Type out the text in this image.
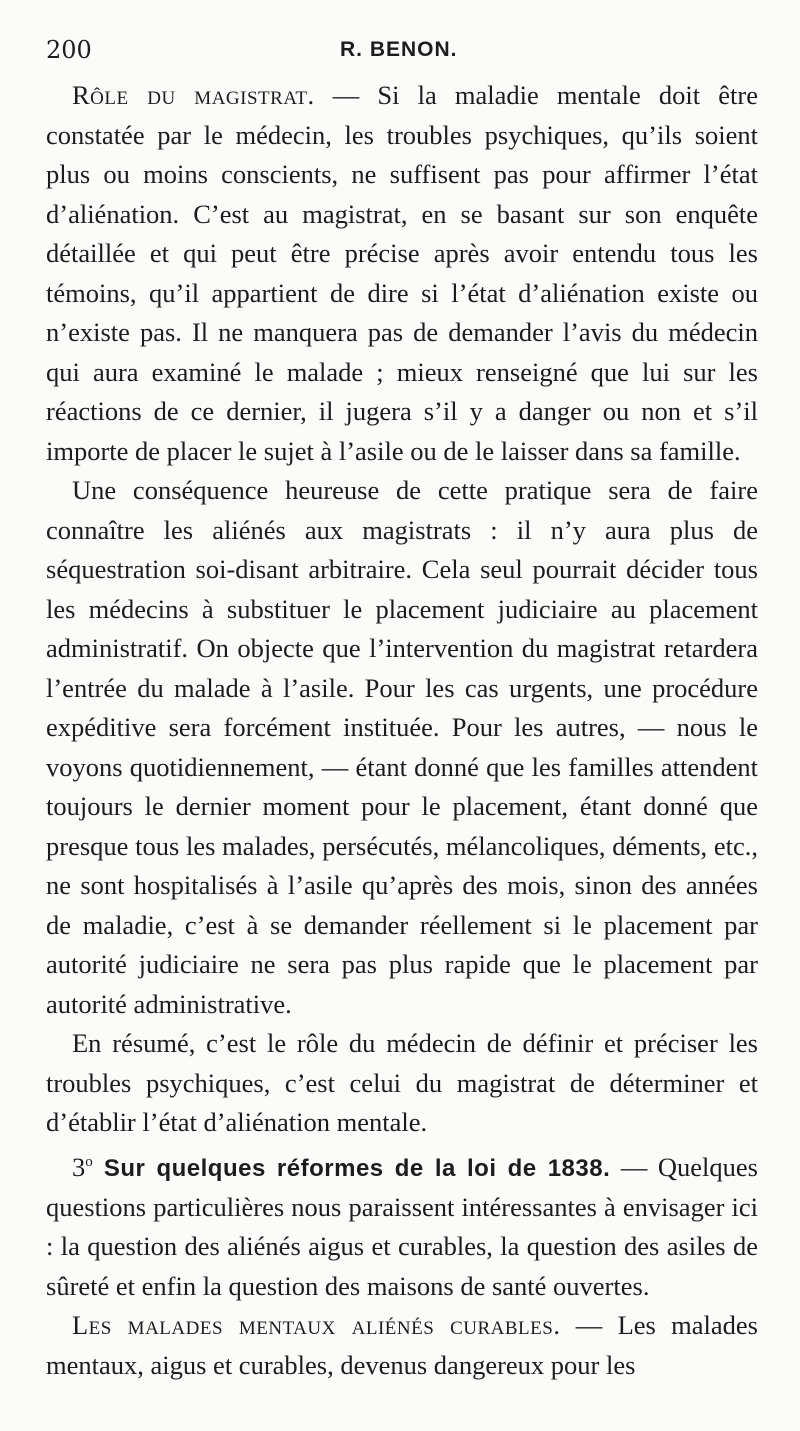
200	R. BENON.

Rôle du magistrat. — Si la maladie mentale doit être constatée par le médecin, les troubles psychiques, qu’ils soient plus ou moins conscients, ne suffisent pas pour affirmer l’état d’aliénation. C’est au magistrat, en se basant sur son enquête détaillée et qui peut être précise après avoir entendu tous les témoins, qu’il appartient de dire si l’état d’aliénation existe ou n’existe pas. Il ne manquera pas de demander l’avis du médecin qui aura examiné le malade ; mieux renseigné que lui sur les réactions de ce dernier, il jugera s’il y a danger ou non et s’il importe de placer le sujet à l’asile ou de le laisser dans sa famille.

Une conséquence heureuse de cette pratique sera de faire connaître les aliénés aux magistrats : il n’y aura plus de séquestration soi-disant arbitraire. Cela seul pourrait décider tous les médecins à substituer le placement judiciaire au placement administratif. On objecte que l’intervention du magistrat retardera l’entrée du malade à l’asile. Pour les cas urgents, une procédure expéditive sera forcément instituée. Pour les autres, — nous le voyons quotidiennement, — étant donné que les familles attendent toujours le dernier moment pour le placement, étant donné que presque tous les malades, persécutés, mélancoliques, déments, etc., ne sont hospitalisés à l’asile qu’après des mois, sinon des années de maladie, c’est à se demander réellement si le placement par autorité judiciaire ne sera pas plus rapide que le placement par autorité administrative.

En résumé, c’est le rôle du médecin de définir et préciser les troubles psychiques, c’est celui du magistrat de déterminer et d’établir l’état d’aliénation mentale.

3$^o$ Sur quelques réformes de la loi de 1838. — Quelques questions particulières nous paraissent intéressantes à envisager ici : la question des aliénés aigus et curables, la question des asiles de sûreté et enfin la question des maisons de santé ouvertes.

Les malades mentaux aliénés curables. — Les malades mentaux, aigus et curables, devenus dangereux pour les
